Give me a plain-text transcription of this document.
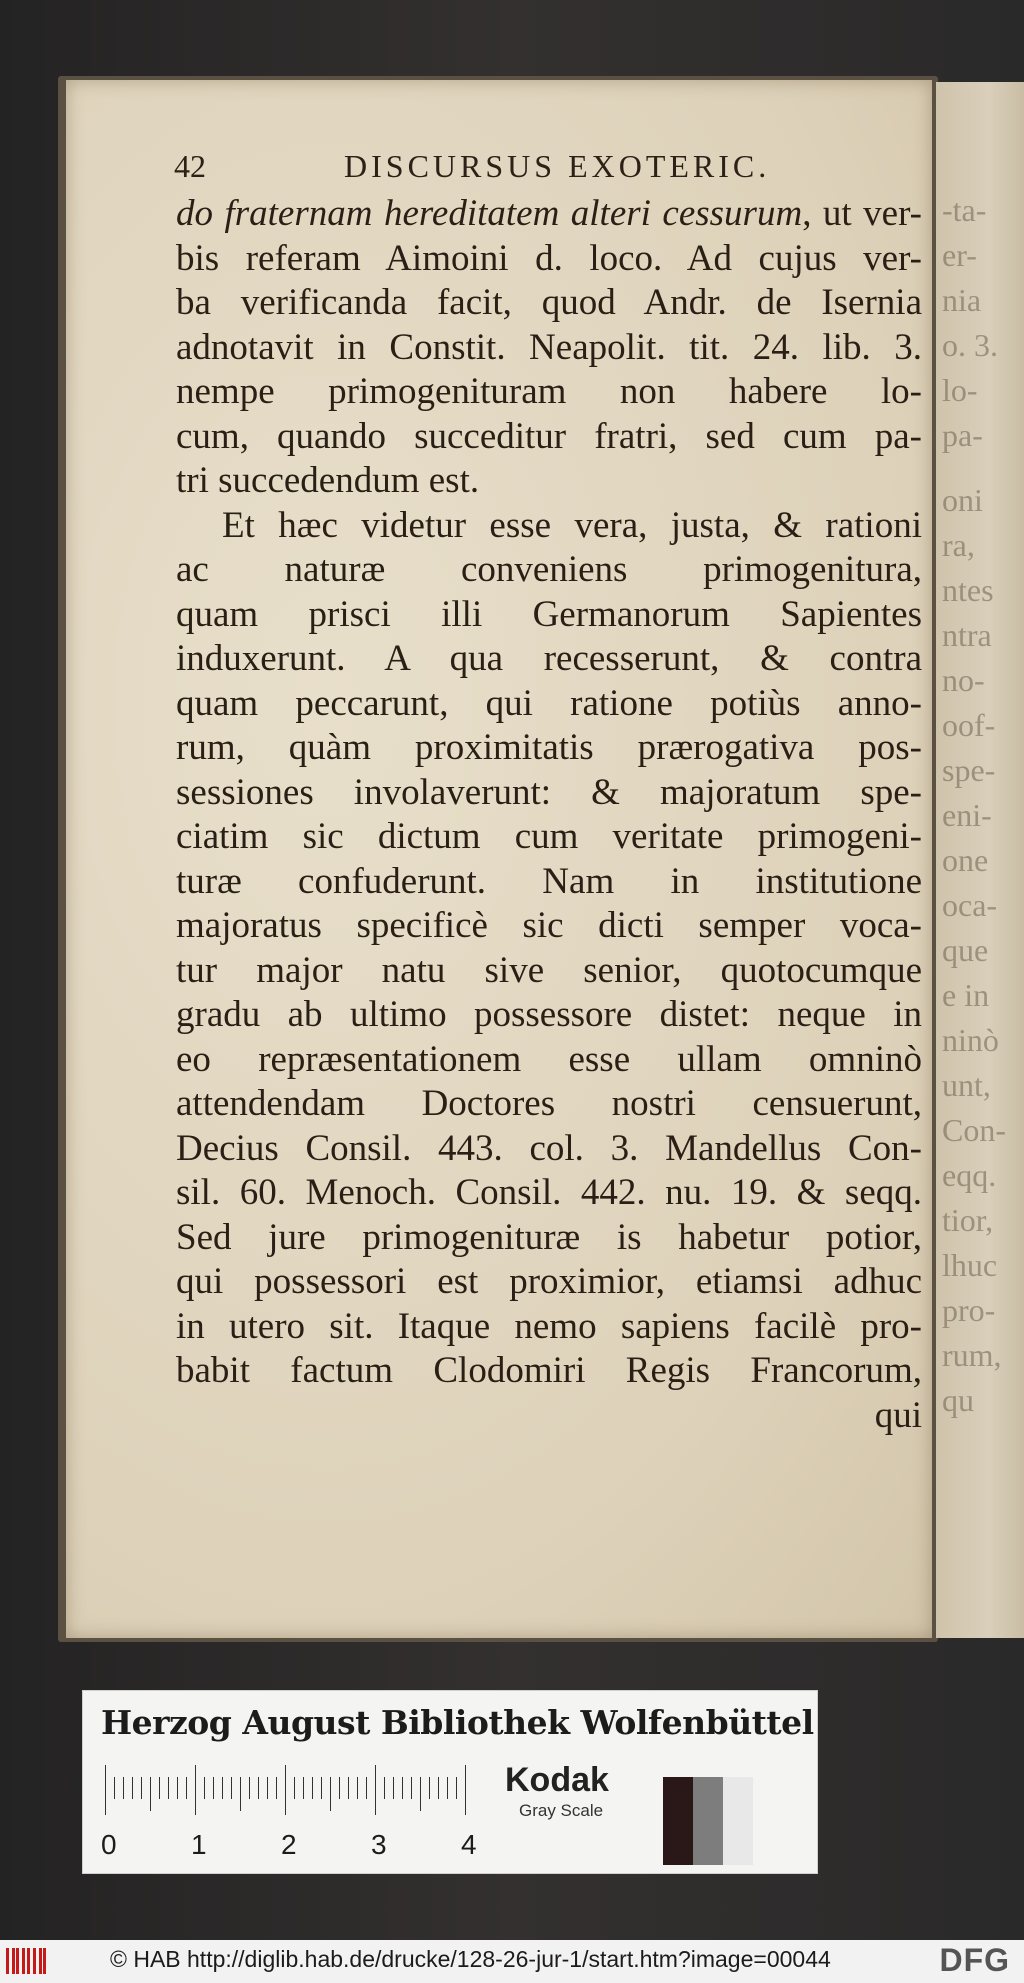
-ta-
er-
nia
o. 3.
lo-
pa-
oni
ra,
ntes
ntra
no-
oof-
spe-
eni-
one
oca-
que
e in
ninò
unt,
Con-
eqq.
tior,
lhuc
pro-
rum,
qu
42	DISCURSUS EXOTERIC.
do fraternam hereditatem alteri cessurum, ut ver-
bis referam Aimoini d. loco. Ad cujus ver-
ba verificanda facit, quod Andr. de Isernia
adnotavit in Constit. Neapolit. tit. 24. lib. 3.
nempe primogenituram non habere lo-
cum, quando succeditur fratri, sed cum pa-
tri succedendum est.
Et hæc videtur esse vera, justa, & rationi
ac naturæ conveniens primogenitura,
quam prisci illi Germanorum Sapientes
induxerunt. A qua recesserunt, & contra
quam peccarunt, qui ratione potiùs anno-
rum, quàm proximitatis prærogativa pos-
sessiones involaverunt: & majoratum spe-
ciatim sic dictum cum veritate primogeni-
turæ confuderunt. Nam in institutione
majoratus specificè sic dicti semper voca-
tur major natu sive senior, quotocumque
gradu ab ultimo possessore distet: neque in
eo repræsentationem esse ullam omninò
attendendam Doctores nostri censuerunt,
Decius Consil. 443. col. 3. Mandellus Con-
sil. 60. Menoch. Consil. 442. nu. 19. & seqq.
Sed jure primogenituræ is habetur potior,
qui possessori est proximior, etiamsi adhuc
in utero sit. Itaque nemo sapiens facilè pro-
babit factum Clodomiri Regis Francorum,
qui
Herzog August Bibliothek Wolfenbüttel
0	1	2	3	4
Kodak
Gray Scale
© HAB http://diglib.hab.de/drucke/128-26-jur-1/start.htm?image=00044	DFG
